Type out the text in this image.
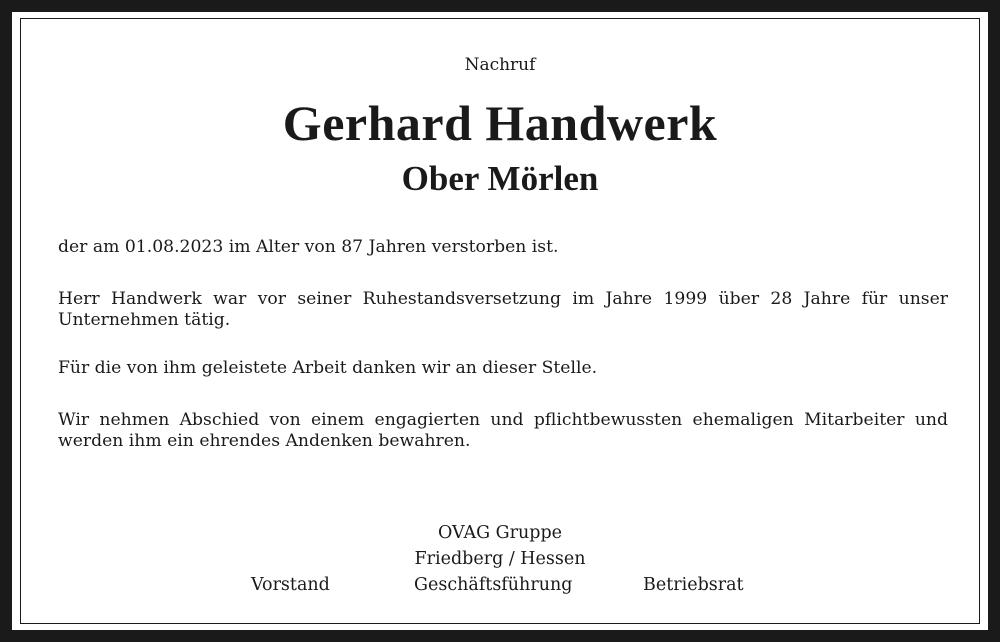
Nachruf
Gerhard Handwerk
Ober Mörlen
der am 01.08.2023 im Alter von 87 Jahren verstorben ist.
Herr Handwerk war vor seiner Ruhestandsversetzung im Jahre 1999 über 28 Jahre für unser Unternehmen tätig.
Für die von ihm geleistete Arbeit danken wir an dieser Stelle.
Wir nehmen Abschied von einem engagierten und pflichtbewussten ehemaligen Mitarbeiter und werden ihm ein ehrendes Andenken bewahren.
OVAG Gruppe
Friedberg / Hessen
Vorstand	Geschäftsführung	Betriebsrat
